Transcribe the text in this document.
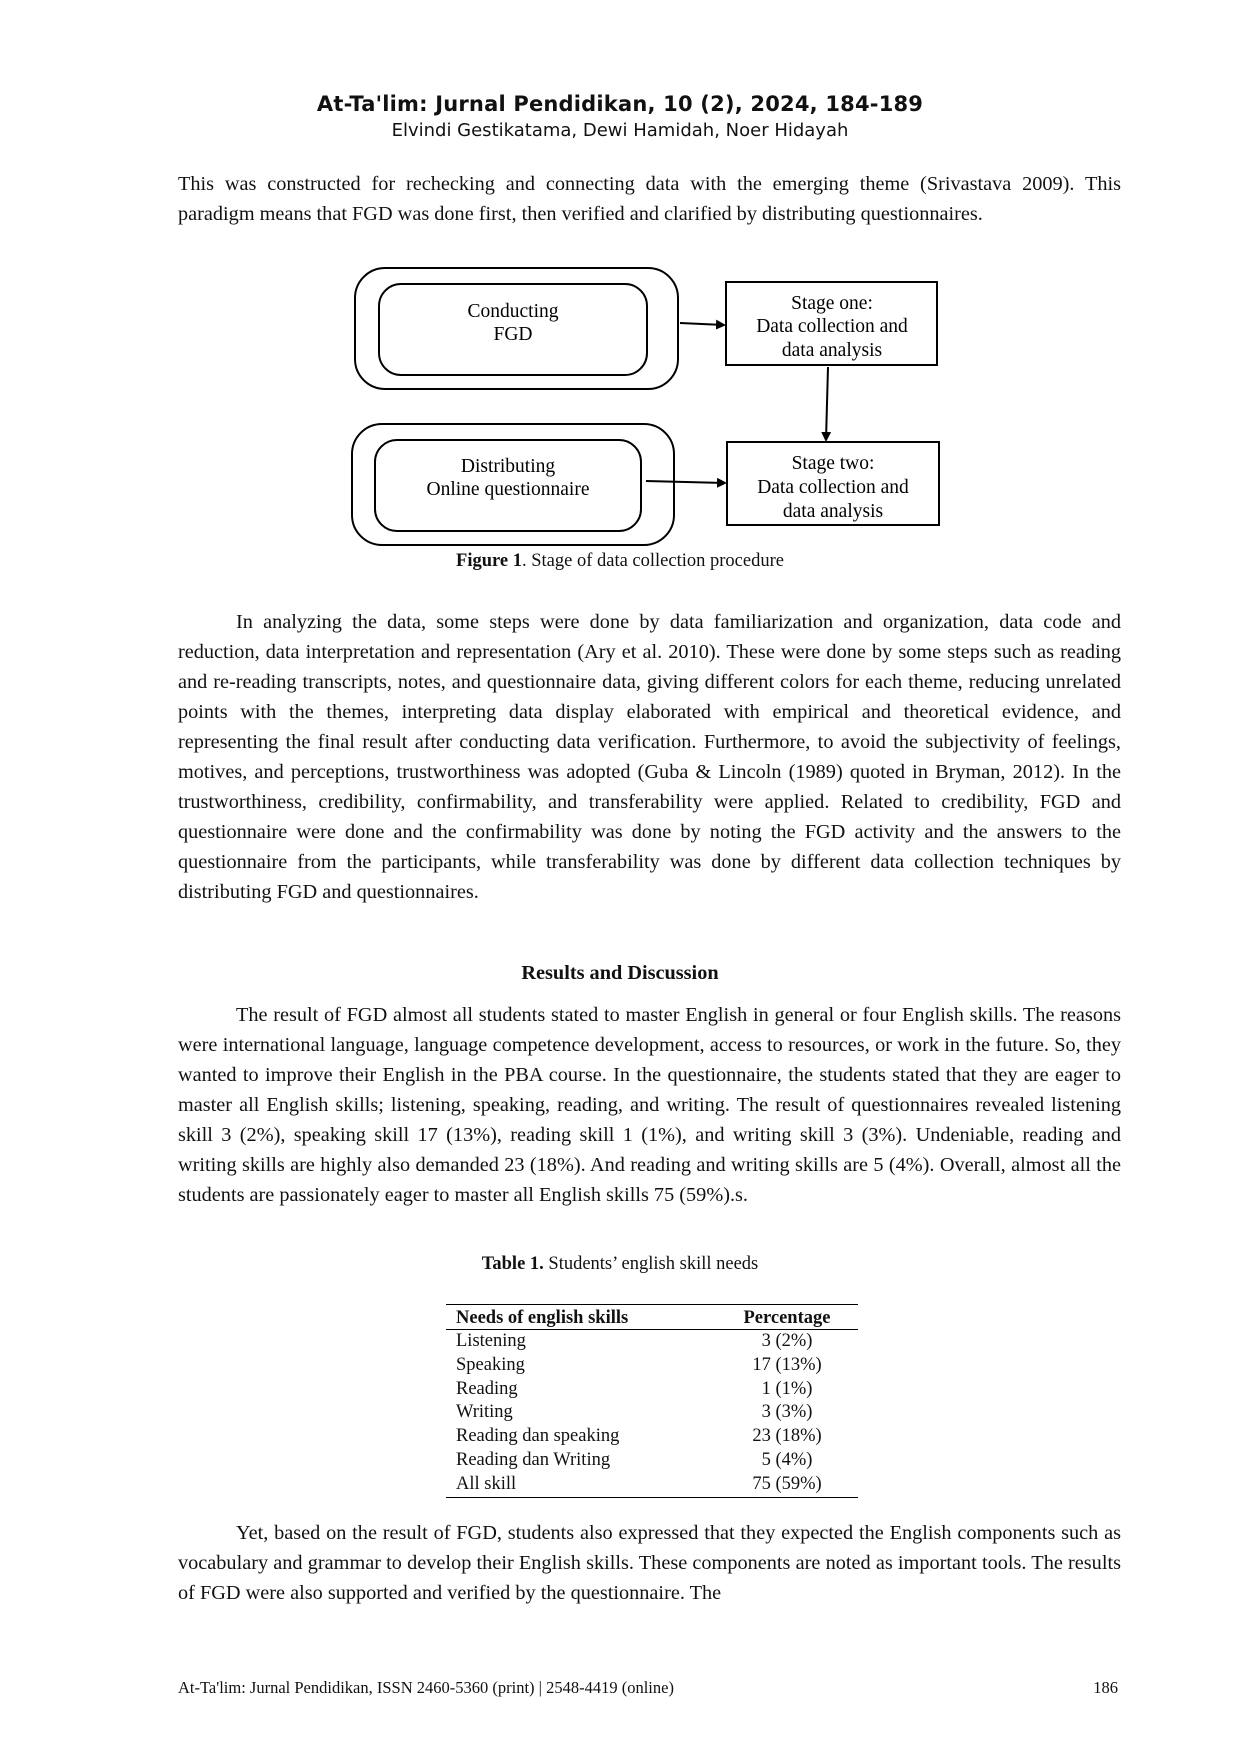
At-Ta'lim: Jurnal Pendidikan, 10 (2), 2024, 184-189
Elvindi Gestikatama, Dewi Hamidah, Noer Hidayah

This was constructed for rechecking and connecting data with the emerging theme (Srivastava 2009). This paradigm means that FGD was done first, then verified and clarified by distributing questionnaires.

Conducting
FGD
Distributing
Online questionnaire
Stage one:
Data collection and
data analysis
Stage two:
Data collection and
data analysis
Figure 1. Stage of data collection procedure

In analyzing the data, some steps were done by data familiarization and organization, data code and reduction, data interpretation and representation (Ary et al. 2010). These were done by some steps such as reading and re-reading transcripts, notes, and questionnaire data, giving different colors for each theme, reducing unrelated points with the themes, interpreting data display elaborated with empirical and theoretical evidence, and representing the final result after conducting data verification. Furthermore, to avoid the subjectivity of feelings, motives, and perceptions, trustworthiness was adopted (Guba & Lincoln (1989) quoted in Bryman, 2012). In the trustworthiness, credibility, confirmability, and transferability were applied. Related to credibility, FGD and questionnaire were done and the confirmability was done by noting the FGD activity and the answers to the questionnaire from the participants, while transferability was done by different data collection techniques by distributing FGD and questionnaires.

Results and Discussion

The result of FGD almost all students stated to master English in general or four English skills. The reasons were international language, language competence development, access to resources, or work in the future. So, they wanted to improve their English in the PBA course. In the questionnaire, the students stated that they are eager to master all English skills; listening, speaking, reading, and writing. The result of questionnaires revealed listening skill 3 (2%), speaking skill 17 (13%), reading skill 1 (1%), and writing skill 3 (3%). Undeniable, reading and writing skills are highly also demanded 23 (18%). And reading and writing skills are 5 (4%). Overall, almost all the students are passionately eager to master all English skills 75 (59%).s.

Table 1. Students’ english skill needs
Needs of english skills	Percentage
Listening	3 (2%)
Speaking	17 (13%)
Reading	1 (1%)
Writing	3 (3%)
Reading dan speaking	23 (18%)
Reading dan Writing	5 (4%)
All skill	75 (59%)

Yet, based on the result of FGD, students also expressed that they expected the English components such as vocabulary and grammar to develop their English skills. These components are noted as important tools. The results of FGD were also supported and verified by the questionnaire. The

At-Ta'lim: Jurnal Pendidikan, ISSN 2460-5360 (print) | 2548-4419 (online)	186
